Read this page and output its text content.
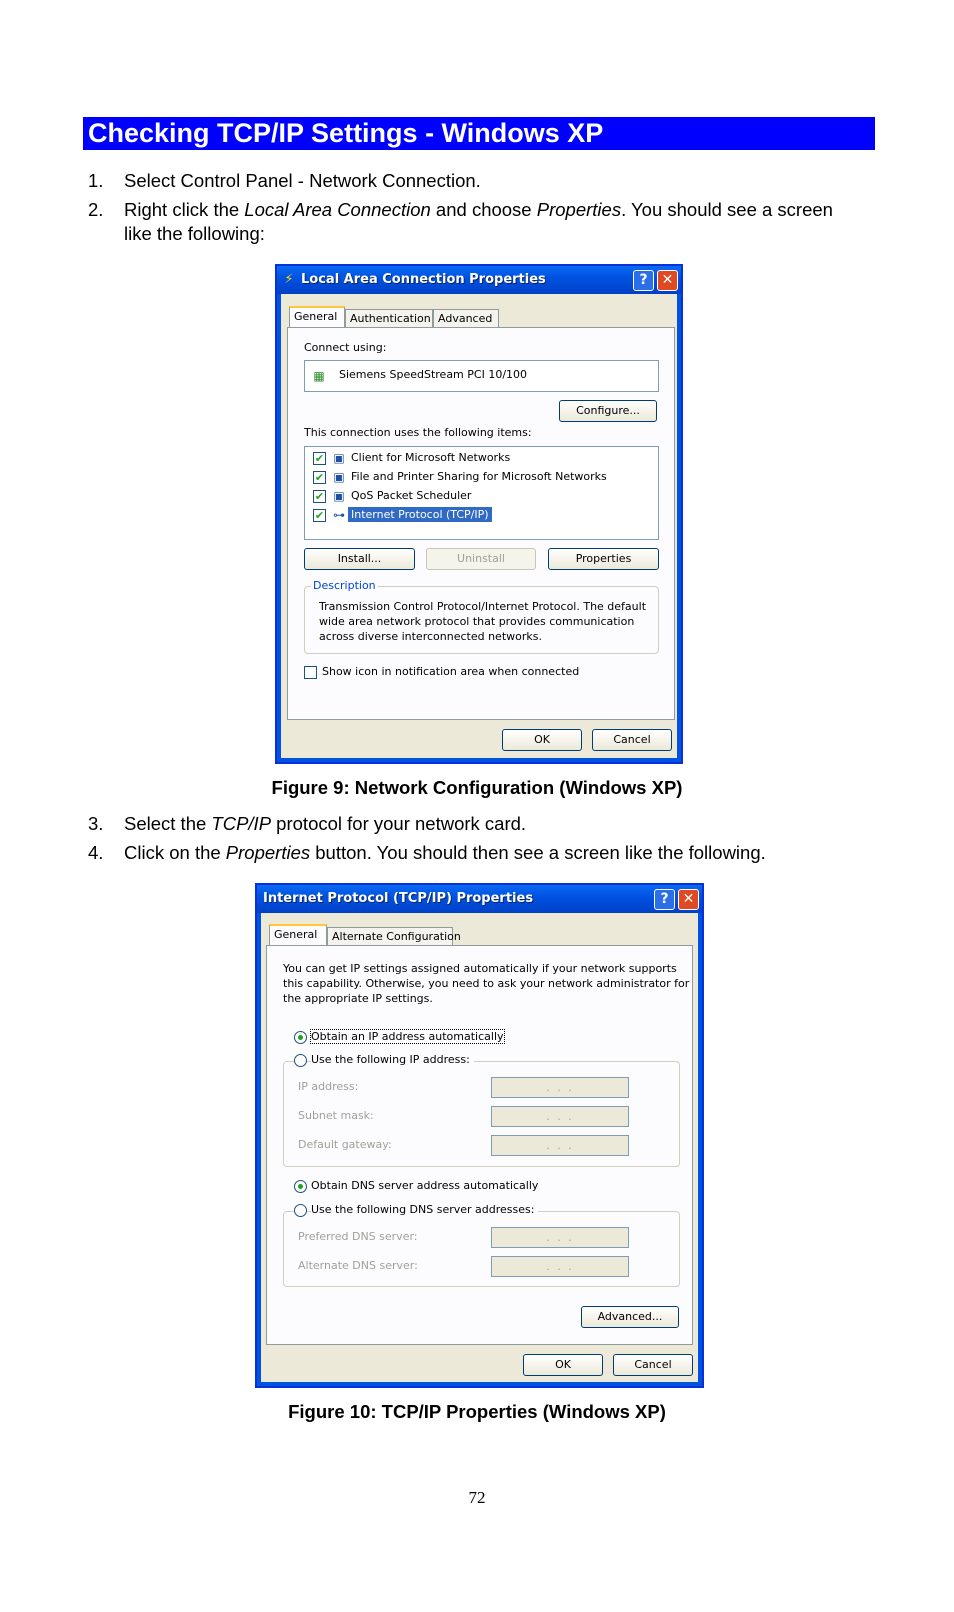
Checking TCP/IP Settings - Windows XP
1. Select Control Panel - Network Connection.
2. Right click the Local Area Connection and choose Properties. You should see a screen like the following:
⚡ Local Area Connection Properties	?	✕
General	Authentication Advanced
Connect using:
▦ Siemens SpeedStream PCI 10/100
Configure...
This connection uses the following items:
✔ ▣ Client for Microsoft Networks
✔ ▣ File and Printer Sharing for Microsoft Networks
✔ ▣ QoS Packet Scheduler
✔ ⊶ Internet Protocol (TCP/IP)
Install...	Uninstall	Properties
Description
Transmission Control Protocol/Internet Protocol. The default
wide area network protocol that provides communication
across diverse interconnected networks.
Show icon in notification area when connected
OK	Cancel
Figure 9: Network Configuration (Windows XP)
3. Select the TCP/IP protocol for your network card.
4. Click on the Properties button. You should then see a screen like the following.
Internet Protocol (TCP/IP) Properties	?	✕
General	Alternate Configuration
You can get IP settings assigned automatically if your network supports
this capability. Otherwise, you need to ask your network administrator for
the appropriate IP settings.
Obtain an IP address automatically
Use the following IP address:
IP address:	. . .
Subnet mask:	. . .
Default gateway:	. . .
Obtain DNS server address automatically
Use the following DNS server addresses:
Preferred DNS server:	. . .
Alternate DNS server:	. . .
Advanced...
OK	Cancel
Figure 10: TCP/IP Properties (Windows XP)
72
